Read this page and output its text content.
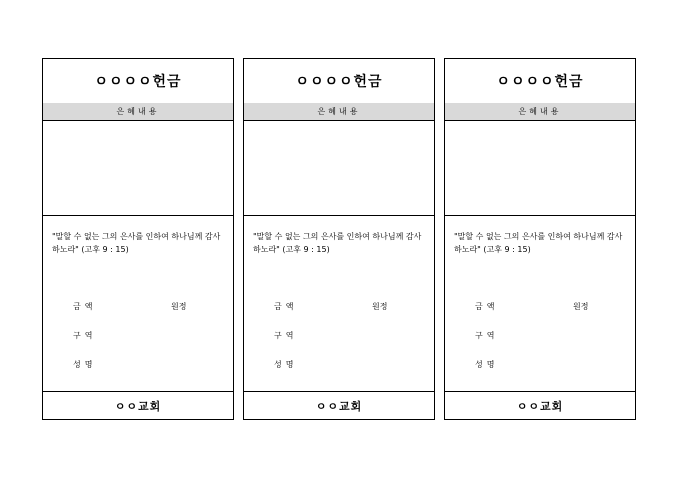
ㅇㅇㅇㅇ헌금
은혜내용
"말할 수 없는 그의 은사를 인하여 하나님께 감사하노라" (고후 9 : 15)
금액	원정
구역
성명
ㅇㅇ교회
ㅇㅇㅇㅇ헌금
은혜내용
"말할 수 없는 그의 은사를 인하여 하나님께 감사하노라" (고후 9 : 15)
금액	원정
구역
성명
ㅇㅇ교회
ㅇㅇㅇㅇ헌금
은혜내용
"말할 수 없는 그의 은사를 인하여 하나님께 감사하노라" (고후 9 : 15)
금액	원정
구역
성명
ㅇㅇ교회
